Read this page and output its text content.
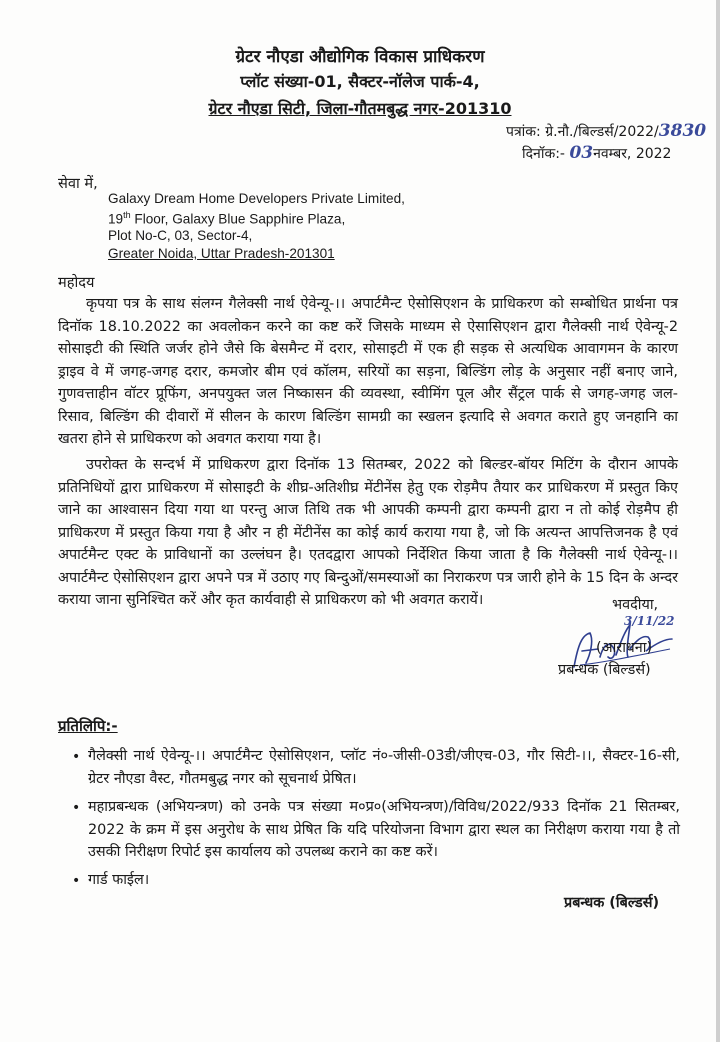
ग्रेटर नौएडा औद्योगिक विकास प्राधिकरण
प्लॉट संख्या-01, सैक्टर-नॉलेज पार्क-4,
ग्रेटर नौएडा सिटी, जिला-गौतमबुद्ध नगर-201310
पत्रांक: ग्रे.नौ./बिल्डर्स/2022/3830
दिनॉक:- 03नवम्बर, 2022
सेवा में,
Galaxy Dream Home Developers Private Limited,
19th Floor, Galaxy Blue Sapphire Plaza,
Plot No-C, 03, Sector-4,
Greater Noida, Uttar Pradesh-201301
महोदय
कृपया पत्र के साथ संलग्न गैलेक्सी नार्थ ऐवेन्यू-।। अपार्टमैन्ट ऐसोसिएशन के प्राधिकरण को सम्बोधित प्रार्थना पत्र दिनॉक 18.10.2022 का अवलोकन करने का कष्ट करें जिसके माध्यम से ऐसासिएशन द्वारा गैलेक्सी नार्थ ऐवेन्यू-2 सोसाइटी की स्थिति जर्जर होने जैसे कि बेसमैन्ट में दरार, सोसाइटी में एक ही सड़क से अत्यधिक आवागमन के कारण ड्राइव वे में जगह-जगह दरार, कमजोर बीम एवं कॉलम, सरियों का सड़ना, बिल्डिंग लोड़ के अनुसार नहीं बनाए जाने, गुणवत्ताहीन वॉटर प्रूफिंग, अनपयुक्त जल निष्कासन की व्यवस्था, स्वीमिंग पूल और सैंट्रल पार्क से जगह-जगह जल-रिसाव, बिल्डिंग की दीवारों में सीलन के कारण बिल्डिंग सामग्री का स्खलन इत्यादि से अवगत कराते हुए जनहानि का खतरा होने से प्राधिकरण को अवगत कराया गया है।
उपरोक्त के सन्दर्भ में प्राधिकरण द्वारा दिनॉक 13 सितम्बर, 2022 को बिल्डर-बॉयर मिटिंग के दौरान आपके प्रतिनिधियों द्वारा प्राधिकरण में सोसाइटी के शीघ्र-अतिशीघ्र मेंटीनेंस हेतु एक रोड़मैप तैयार कर प्राधिकरण में प्रस्तुत किए जाने का आश्वासन दिया गया था परन्तु आज तिथि तक भी आपकी कम्पनी द्वारा कम्पनी द्वारा न तो कोई रोड़मैप ही प्राधिकरण में प्रस्तुत किया गया है और न ही मेंटीनेंस का कोई कार्य कराया गया है, जो कि अत्यन्त आपत्तिजनक है एवं अपार्टमैन्ट एक्ट के प्राविधानों का उल्लंघन है। एतदद्वारा आपको निर्देशित किया जाता है कि गैलेक्सी नार्थ ऐवेन्यू-।। अपार्टमैन्ट ऐसोसिएशन द्वारा अपने पत्र में उठाए गए बिन्दुओं/समस्याओं का निराकरण पत्र जारी होने के 15 दिन के अन्दर कराया जाना सुनिश्चित करें और कृत कार्यवाही से प्राधिकरण को भी अवगत करायें।	भवदीया,
3/11/22
(आराधना)
प्रबन्धक (बिल्डर्स)
प्रतिलिपि:-
• गैलेक्सी नार्थ ऐवेन्यू-।। अपार्टमैन्ट ऐसोसिएशन, प्लॉट नं०-जीसी-03डी/जीएच-03, गौर सिटी-।।, सैक्टर-16-सी, ग्रेटर नौएडा वैस्ट, गौतमबुद्ध नगर को सूचनार्थ प्रेषित।
• महाप्रबन्धक (अभियन्त्रण) को उनके पत्र संख्या म०प्र०(अभियन्त्रण)/विविध/2022/933 दिनॉक 21 सितम्बर, 2022 के क्रम में इस अनुरोध के साथ प्रेषित कि यदि परियोजना विभाग द्वारा स्थल का निरीक्षण कराया गया है तो उसकी निरीक्षण रिपोर्ट इस कार्यालय को उपलब्ध कराने का कष्ट करें।
• गार्ड फाईल।
प्रबन्धक (बिल्डर्स)
